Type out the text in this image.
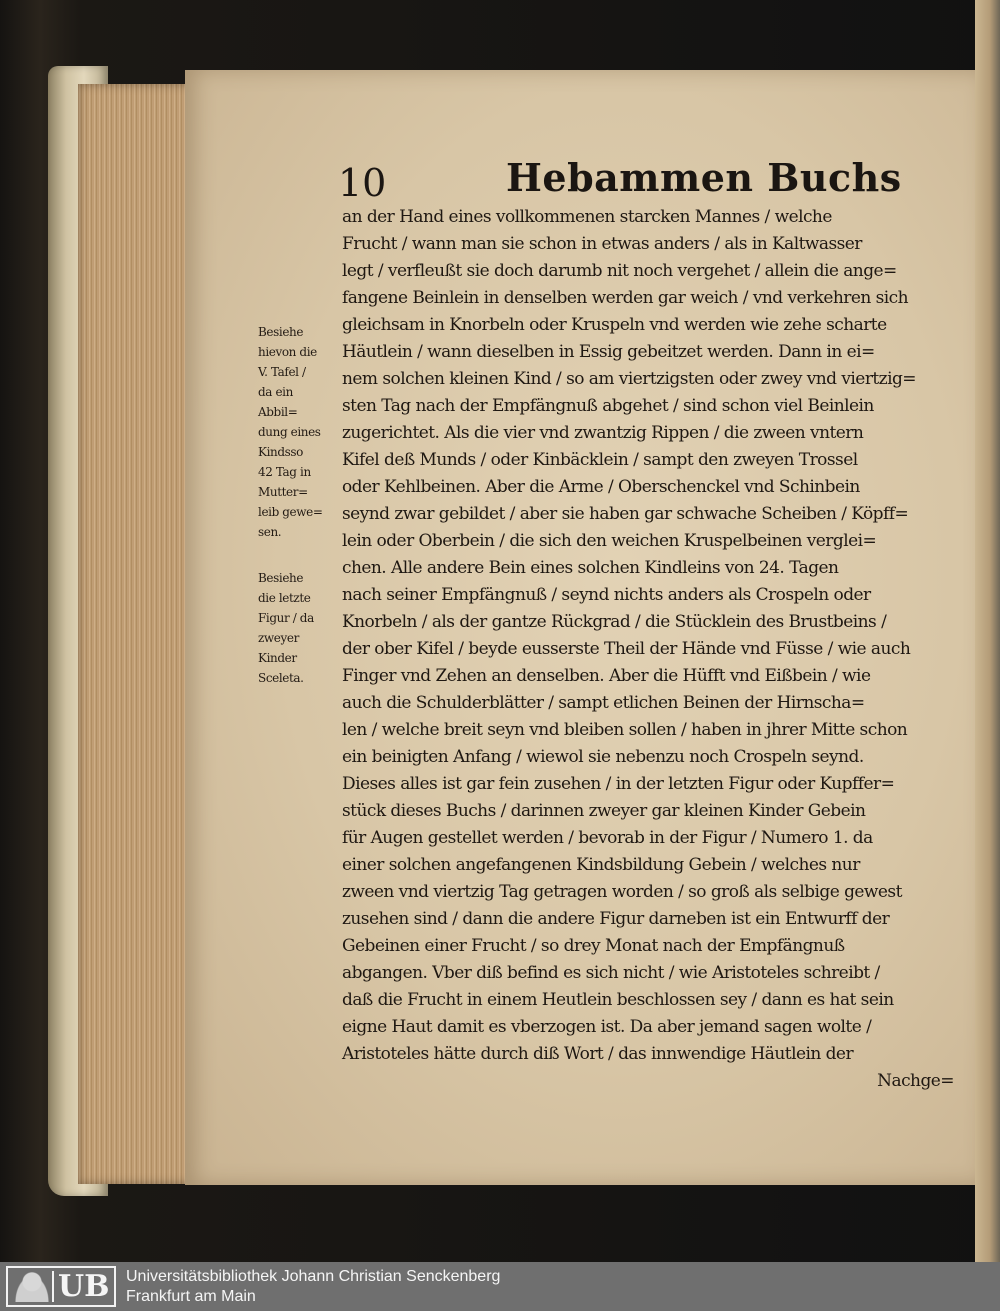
10	Hebammen Buchs
Besiehe
hievon die
V. Tafel /
da ein
Abbil=
dung eines
Kindsso
42 Tag in
Mutter=
leib gewe=
sen.
Besiehe
die letzte
Figur / da
zweyer
Kinder
Sceleta.
an der Hand eines vollkommenen starcken Mannes / welche
Frucht / wann man sie schon in etwas anders / als in Kaltwasser
legt / verfleußt sie doch darumb nit noch vergehet / allein die ange=
fangene Beinlein in denselben werden gar weich / vnd verkehren sich
gleichsam in Knorbeln oder Kruspeln vnd werden wie zehe scharte
Häutlein / wann dieselben in Essig gebeitzet werden. Dann in ei=
nem solchen kleinen Kind / so am viertzigsten oder zwey vnd viertzig=
sten Tag nach der Empfängnuß abgehet / sind schon viel Beinlein
zugerichtet. Als die vier vnd zwantzig Rippen / die zween vntern
Kifel deß Munds / oder Kinbäcklein / sampt den zweyen Trossel
oder Kehlbeinen. Aber die Arme / Oberschenckel vnd Schinbein
seynd zwar gebildet / aber sie haben gar schwache Scheiben / Köpff=
lein oder Oberbein / die sich den weichen Kruspelbeinen verglei=
chen. Alle andere Bein eines solchen Kindleins von 24. Tagen
nach seiner Empfängnuß / seynd nichts anders als Crospeln oder
Knorbeln / als der gantze Rückgrad / die Stücklein des Brustbeins /
der ober Kifel / beyde eusserste Theil der Hände vnd Füsse / wie auch
Finger vnd Zehen an denselben. Aber die Hüfft vnd Eißbein / wie
auch die Schulderblätter / sampt etlichen Beinen der Hirnscha=
len / welche breit seyn vnd bleiben sollen / haben in jhrer Mitte schon
ein beinigten Anfang / wiewol sie nebenzu noch Crospeln seynd.
Dieses alles ist gar fein zusehen / in der letzten Figur oder Kupffer=
stück dieses Buchs / darinnen zweyer gar kleinen Kinder Gebein
für Augen gestellet werden / bevorab in der Figur / Numero 1. da
einer solchen angefangenen Kindsbildung Gebein / welches nur
zween vnd viertzig Tag getragen worden / so groß als selbige gewest
zusehen sind / dann die andere Figur darneben ist ein Entwurff der
Gebeinen einer Frucht / so drey Monat nach der Empfängnuß
abgangen. Vber diß befind es sich nicht / wie Aristoteles schreibt /
daß die Frucht in einem Heutlein beschlossen sey / dann es hat sein
eigne Haut damit es vberzogen ist. Da aber jemand sagen wolte /
Aristoteles hätte durch diß Wort / das innwendige Häutlein der
Nachge=
UB Universitätsbibliothek Johann Christian Senckenberg
Frankfurt am Main
